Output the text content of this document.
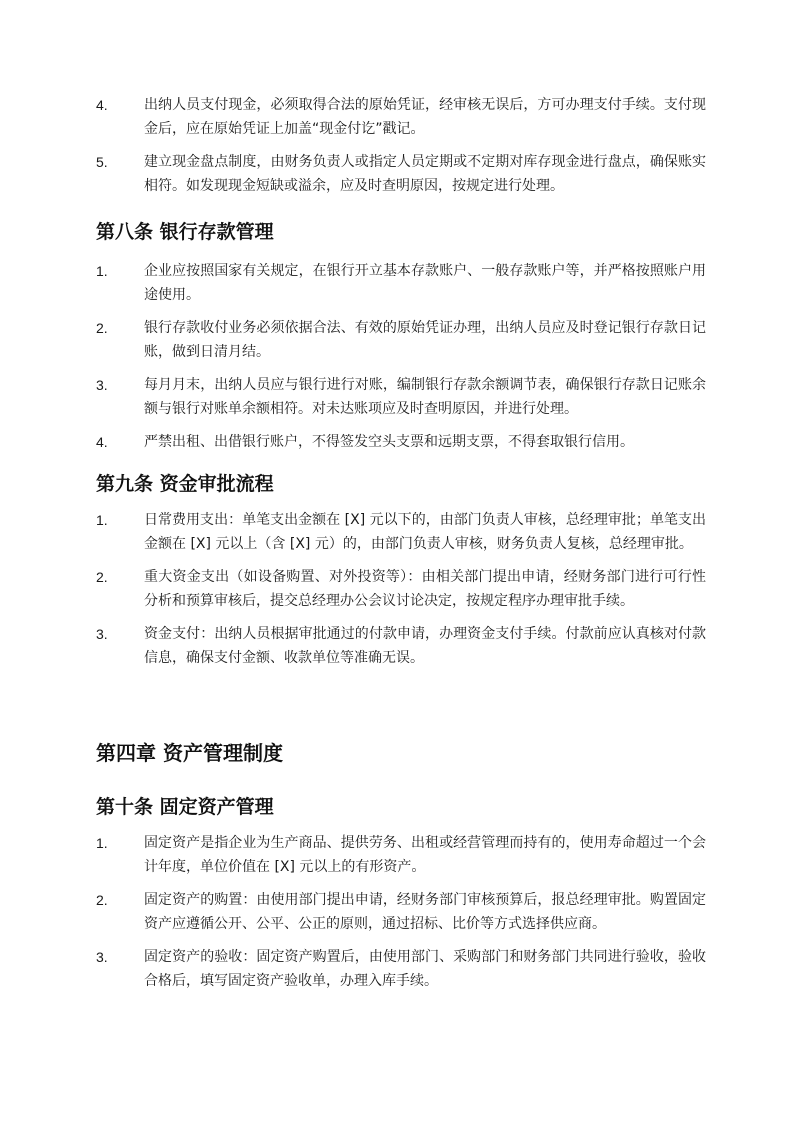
4.	出纳人员支付现金，必须取得合法的原始凭证，经审核无误后，方可办理支付手续。支付现金后，应在原始凭证上加盖“现金付讫”戳记。
5.	建立现金盘点制度，由财务负责人或指定人员定期或不定期对库存现金进行盘点，确保账实相符。如发现现金短缺或溢余，应及时查明原因，按规定进行处理。
第八条 银行存款管理
1.	企业应按照国家有关规定，在银行开立基本存款账户、一般存款账户等，并严格按照账户用途使用。
2.	银行存款收付业务必须依据合法、有效的原始凭证办理，出纳人员应及时登记银行存款日记账，做到日清月结。
3.	每月月末，出纳人员应与银行进行对账，编制银行存款余额调节表，确保银行存款日记账余额与银行对账单余额相符。对未达账项应及时查明原因，并进行处理。
4.	严禁出租、出借银行账户，不得签发空头支票和远期支票，不得套取银行信用。
第九条 资金审批流程
1.	日常费用支出：单笔支出金额在 [X] 元以下的，由部门负责人审核，总经理审批；单笔支出金额在 [X] 元以上（含 [X] 元）的，由部门负责人审核，财务负责人复核，总经理审批。
2.	重大资金支出（如设备购置、对外投资等）：由相关部门提出申请，经财务部门进行可行性分析和预算审核后，提交总经理办公会议讨论决定，按规定程序办理审批手续。
3.	资金支付：出纳人员根据审批通过的付款申请，办理资金支付手续。付款前应认真核对付款信息，确保支付金额、收款单位等准确无误。
第四章 资产管理制度
第十条 固定资产管理
1.	固定资产是指企业为生产商品、提供劳务、出租或经营管理而持有的，使用寿命超过一个会计年度，单位价值在 [X] 元以上的有形资产。
2.	固定资产的购置：由使用部门提出申请，经财务部门审核预算后，报总经理审批。购置固定资产应遵循公开、公平、公正的原则，通过招标、比价等方式选择供应商。
3.	固定资产的验收：固定资产购置后，由使用部门、采购部门和财务部门共同进行验收，验收合格后，填写固定资产验收单，办理入库手续。
